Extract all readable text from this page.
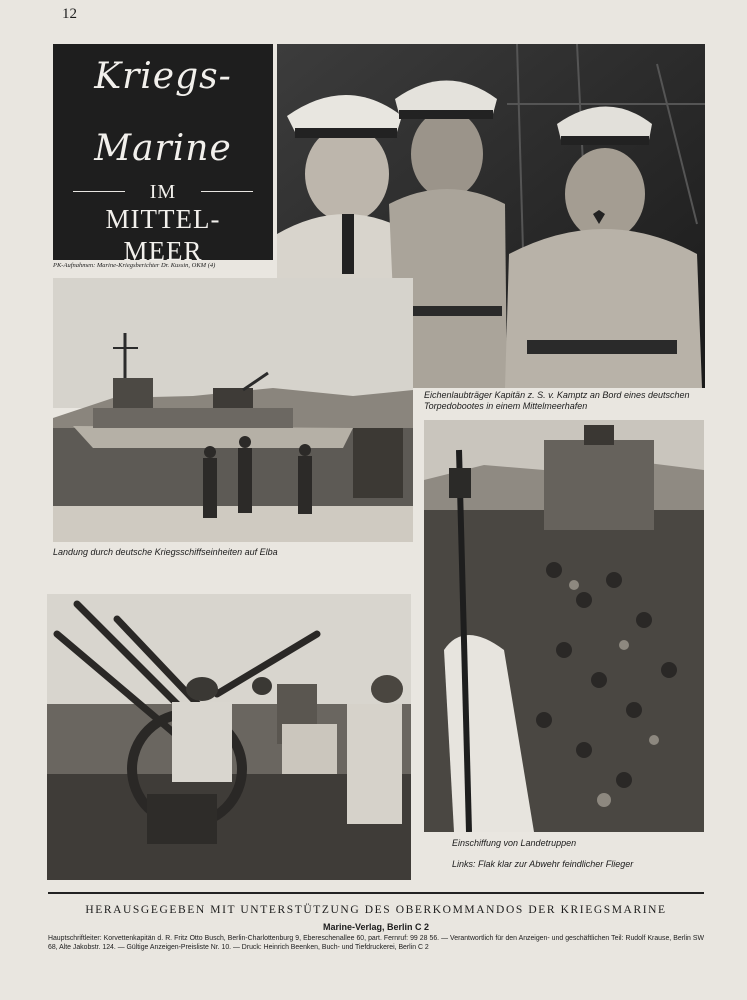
12
Kriegs-
Marine
IM
MITTEL-
MEER
PK-Aufnahmen: Marine-Kriegsberichter Dr. Kussin, OKM (4)
Eichenlaubträger Kapitän z. S. v. Kamptz an Bord eines deutschen Torpedobootes in einem Mittelmeerhafen
Landung durch deutsche Kriegsschiffseinheiten auf Elba
Einschiffung von Landetruppen
Links: Flak klar zur Abwehr feindlicher Flieger
HERAUSGEGEBEN MIT UNTERSTÜTZUNG DES OBERKOMMANDOS DER KRIEGSMARINE
Marine-Verlag, Berlin C 2
Hauptschriftleiter: Korvettenkapitän d. R. Fritz Otto Busch, Berlin-Charlottenburg 9, Ebereschenallee 60, part. Fernruf: 99 28 56. — Verantwortlich für den Anzeigen- und geschäftlichen Teil: Rudolf Krause, Berlin SW 68, Alte Jakobstr. 124. — Gültige Anzeigen-Preisliste Nr. 10. — Druck: Heinrich Beenken, Buch- und Tiefdruckerei, Berlin C 2
